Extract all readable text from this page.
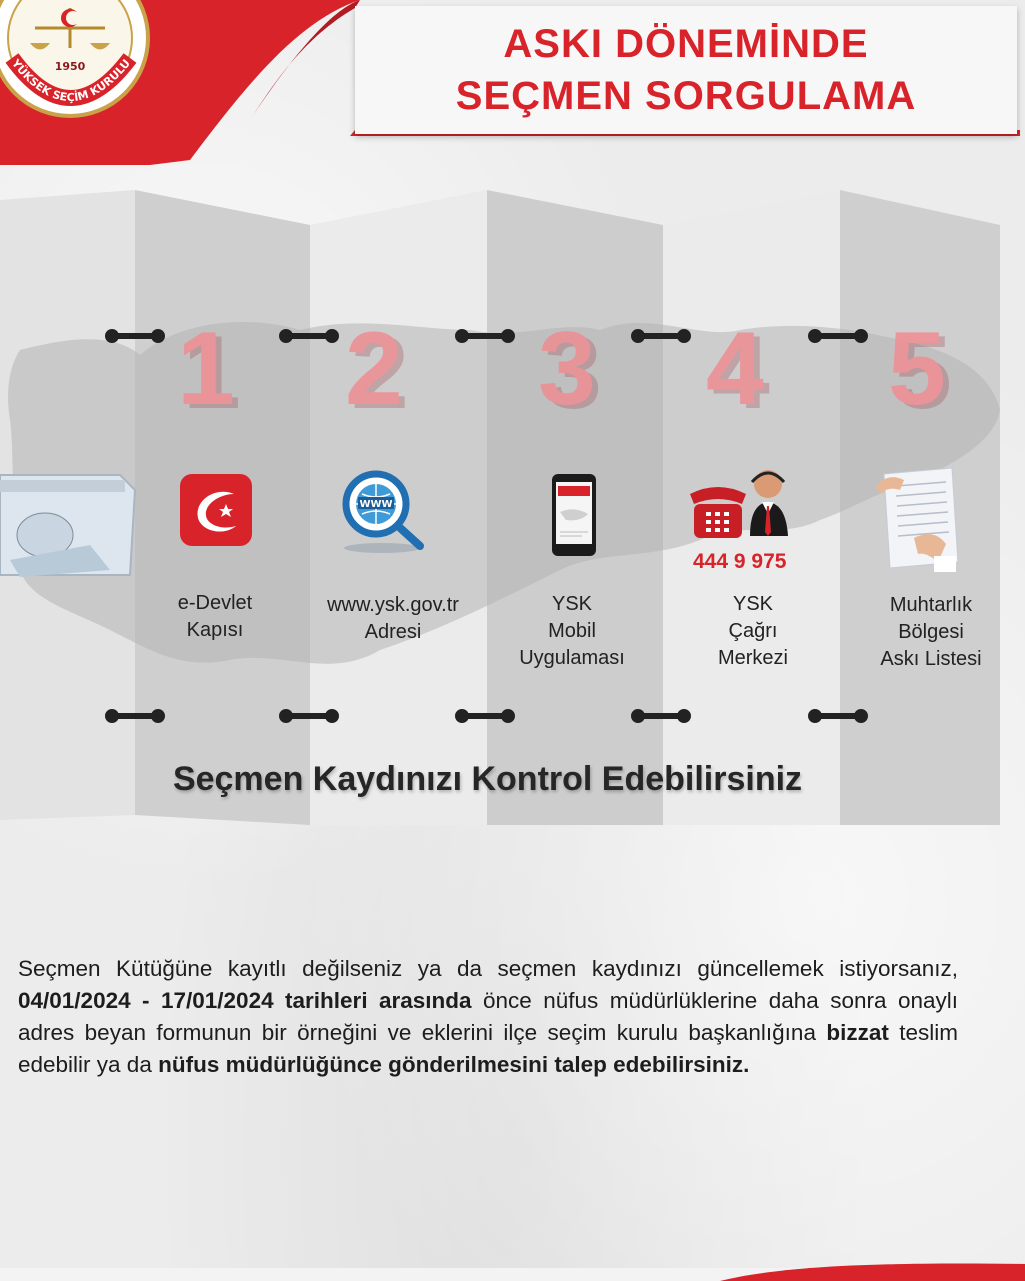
ASKI DÖNEMİNDE
SEÇMEN SORGULAMA
1950
YÜKSEK SEÇİM KURULU
1 2 3 4 5
WWW
444 9 975
e-Devlet
Kapısı
www.ysk.gov.tr
Adresi
YSK
Mobil
Uygulaması
YSK
Çağrı
Merkezi
Muhtarlık
Bölgesi
Askı Listesi
Seçmen Kaydınızı Kontrol Edebilirsiniz
Seçmen Kütüğüne kayıtlı değilseniz ya da seçmen kaydınızı güncellemek istiyorsanız, 04/01/2024 - 17/01/2024 tarihleri arasında önce nüfus müdürlüklerine daha sonra onaylı adres beyan formunun bir örneğini ve eklerini ilçe seçim kurulu başkanlığına bizzat teslim edebilir ya da nüfus müdürlüğünce gönderilmesini talep edebilirsiniz.
